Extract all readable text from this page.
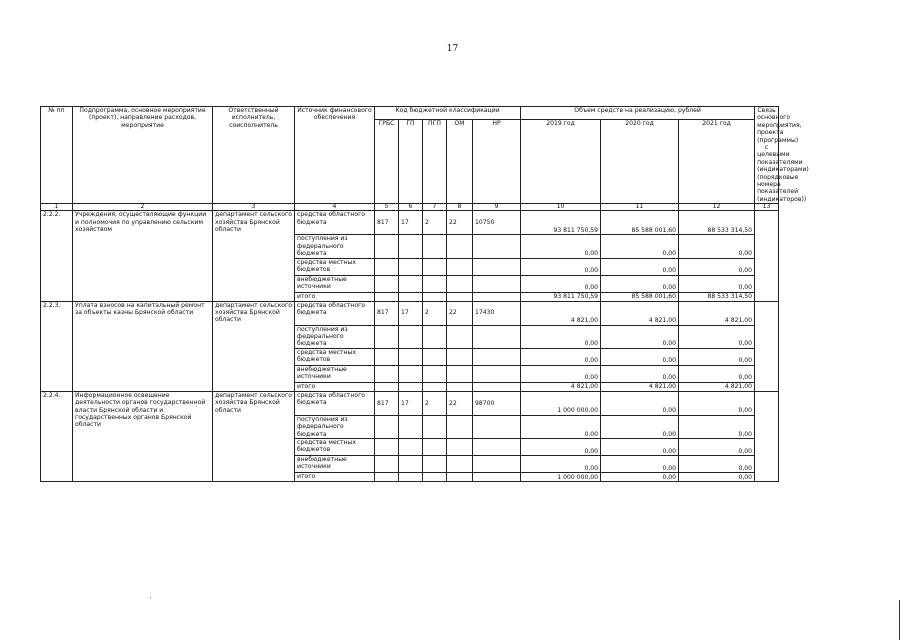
17
№ пп	Подпрограмма, основное мероприятие (проект), направление расходов, мероприятие	Ответственный исполнитель, соисполнитель	Источник финансового обеспечения	Код бюджетной классификации					Объем средств на реализацию, рублей			Связь основного мероприятия, проекта (программы) с целевыми показателями (индикаторами) (порядковые номера показателей (индикаторов))
				ГРБС	ГП	ПГП	ОМ	НР	2019 год	2020 год	2021 год	
1	2	3	4	5	6	7	8	9	10	11	12	13
2.2.2.	Учреждения, осуществляющие функции и полномочия по управлению сельским хозяйством	департамент сельского хозяйства Брянской области	средства областного бюджета	817	17	2	22	10750	93 811 750,59	85 588 001,60	88 533 314,50	
			поступления из федерального бюджета						0,00	0,00	0,00	
			средства местных бюджетов						0,00	0,00	0,00	
			внебюджетные источники						0,00	0,00	0,00	
			итого						93 811 750,59	85 588 001,60	88 533 314,50	
2.2.3.	Уплата взносов на капитальный ремонт за объекты казны Брянской области	департамент сельского хозяйства Брянской области	средства областного бюджета	817	17	2	22	17430	4 821,00	4 821,00	4 821,00	
			поступления из федерального бюджета						0,00	0,00	0,00	
			средства местных бюджетов						0,00	0,00	0,00	
			внебюджетные источники						0,00	0,00	0,00	
			итого						4 821,00	4 821,00	4 821,00	
2.2.4.	Информационное освещение деятельности органов государственной власти Брянской области и государственных органов Брянской области	департамент сельского хозяйства Брянской области	средства областного бюджета	817	17	2	22	98700	1 000 000,00	0,00	0,00	
			поступления из федерального бюджета						0,00	0,00	0,00	
			средства местных бюджетов						0,00	0,00	0,00	
			внебюджетные источники						0,00	0,00	0,00	
			итого						1 000 000,00	0,00	0,00	
